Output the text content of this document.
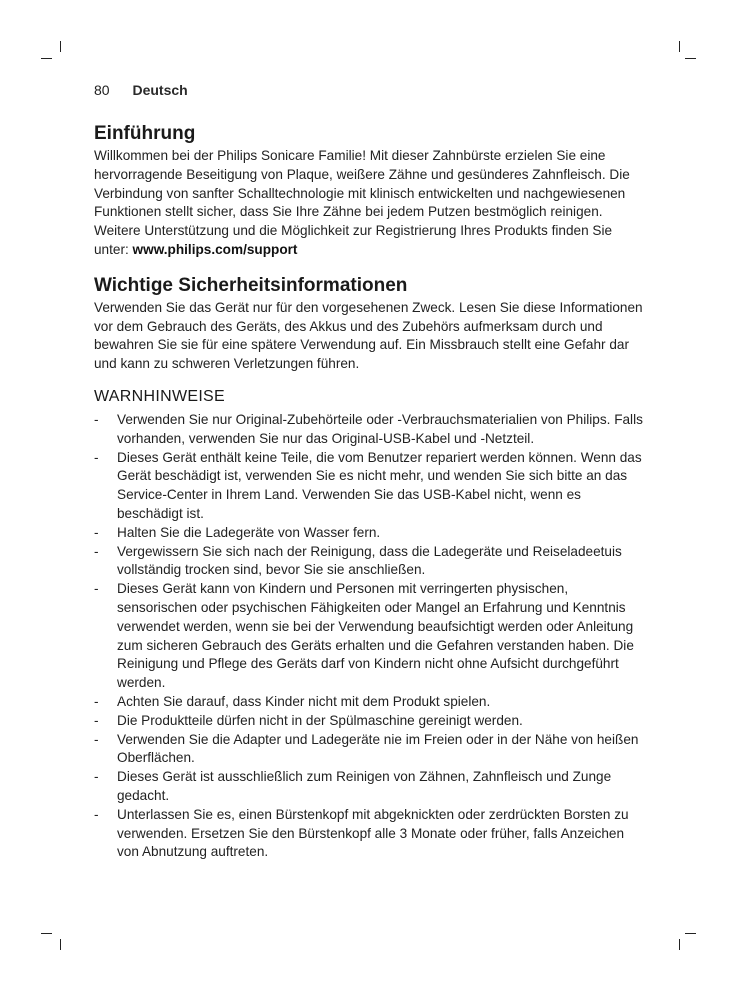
80 Deutsch
Einführung

Willkommen bei der Philips Sonicare Familie! Mit dieser Zahnbürste erzielen Sie eine hervorragende Beseitigung von Plaque, weißere Zähne und gesünderes Zahnfleisch. Die Verbindung von sanfter Schalltechnologie mit klinisch entwickelten und nachgewiesenen Funktionen stellt sicher, dass Sie Ihre Zähne bei jedem Putzen bestmöglich reinigen.

Weitere Unterstützung und die Möglichkeit zur Registrierung Ihres Produkts finden Sie unter: www.philips.com/support

Wichtige Sicherheitsinformationen

Verwenden Sie das Gerät nur für den vorgesehenen Zweck. Lesen Sie diese Informationen vor dem Gebrauch des Geräts, des Akkus und des Zubehörs aufmerksam durch und bewahren Sie sie für eine spätere Verwendung auf. Ein Missbrauch stellt eine Gefahr dar und kann zu schweren Verletzungen führen.

WARNHINWEISE
- Verwenden Sie nur Original-Zubehörteile oder -Verbrauchsmaterialien von Philips. Falls vorhanden, verwenden Sie nur das Original-USB-Kabel und -Netzteil.
- Dieses Gerät enthält keine Teile, die vom Benutzer repariert werden können. Wenn das Gerät beschädigt ist, verwenden Sie es nicht mehr, und wenden Sie sich bitte an das Service-Center in Ihrem Land. Verwenden Sie das USB-Kabel nicht, wenn es beschädigt ist.
- Halten Sie die Ladegeräte von Wasser fern.
- Vergewissern Sie sich nach der Reinigung, dass die Ladegeräte und Reiseladeetuis vollständig trocken sind, bevor Sie sie anschließen.
- Dieses Gerät kann von Kindern und Personen mit verringerten physischen, sensorischen oder psychischen Fähigkeiten oder Mangel an Erfahrung und Kenntnis verwendet werden, wenn sie bei der Verwendung beaufsichtigt werden oder Anleitung zum sicheren Gebrauch des Geräts erhalten und die Gefahren verstanden haben. Die Reinigung und Pflege des Geräts darf von Kindern nicht ohne Aufsicht durchgeführt werden.
- Achten Sie darauf, dass Kinder nicht mit dem Produkt spielen.
- Die Produktteile dürfen nicht in der Spülmaschine gereinigt werden.
- Verwenden Sie die Adapter und Ladegeräte nie im Freien oder in der Nähe von heißen Oberflächen.
- Dieses Gerät ist ausschließlich zum Reinigen von Zähnen, Zahnfleisch und Zunge gedacht.
- Unterlassen Sie es, einen Bürstenkopf mit abgeknickten oder zerdrückten Borsten zu verwenden. Ersetzen Sie den Bürstenkopf alle 3 Monate oder früher, falls Anzeichen von Abnutzung auftreten.
